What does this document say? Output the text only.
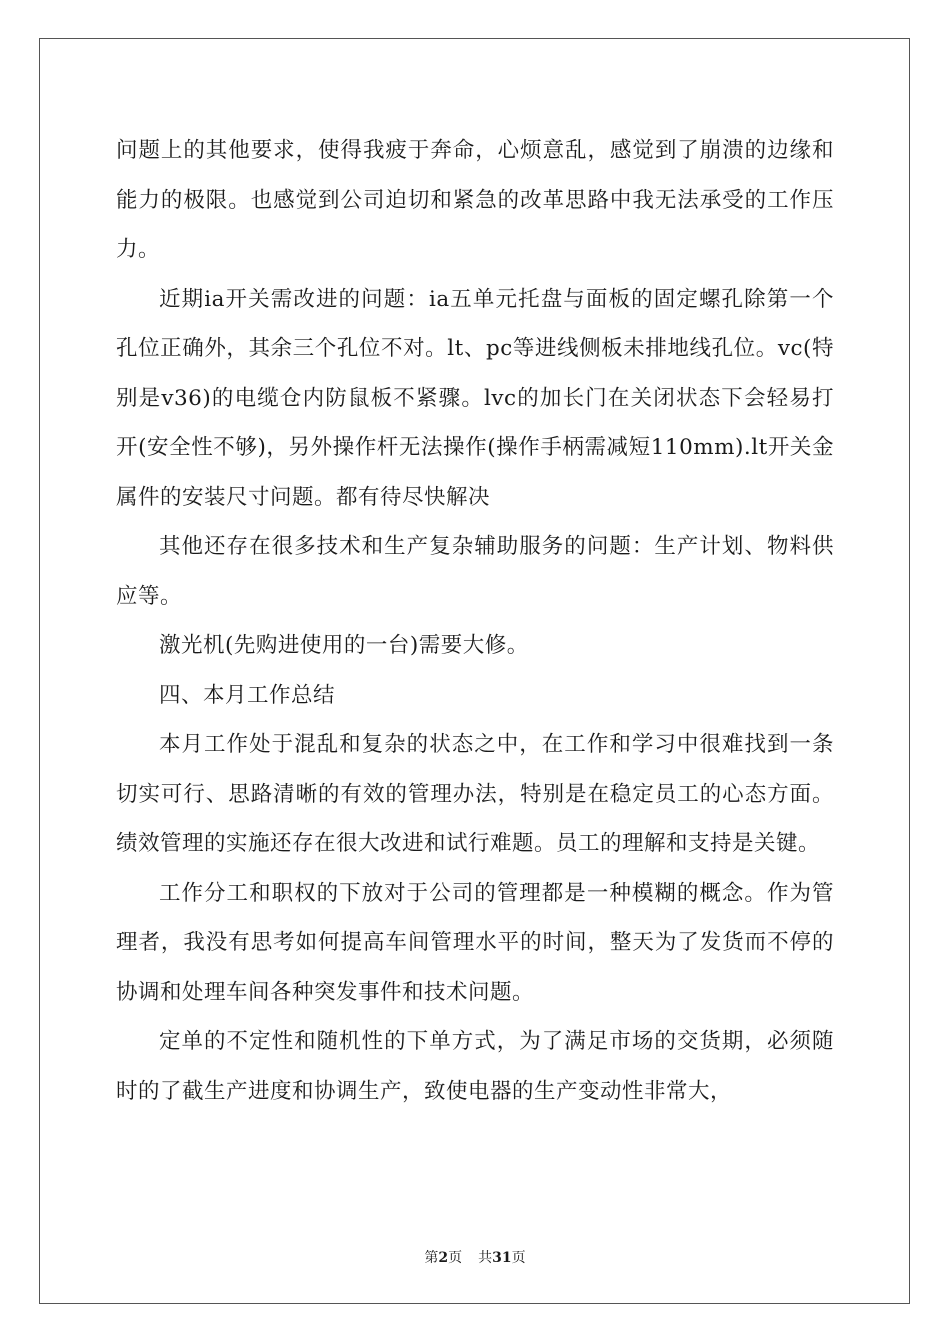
问题上的其他要求，使得我疲于奔命，心烦意乱，感觉到了崩溃的边缘和能力的极限。也感觉到公司迫切和紧急的改革思路中我无法承受的工作压力。

近期ia开关需改进的问题：ia五单元托盘与面板的固定螺孔除第一个孔位正确外，其余三个孔位不对。lt、pc等进线侧板未排地线孔位。vc(特别是v36)的电缆仓内防鼠板不紧骤。lvc的加长门在关闭状态下会轻易打开(安全性不够)，另外操作杆无法操作(操作手柄需减短110mm).lt开关金属件的安装尺寸问题。都有待尽快解决

其他还存在很多技术和生产复杂辅助服务的问题：生产计划、物料供应等。

激光机(先购进使用的一台)需要大修。

四、本月工作总结

本月工作处于混乱和复杂的状态之中，在工作和学习中很难找到一条切实可行、思路清晰的有效的管理办法，特别是在稳定员工的心态方面。绩效管理的实施还存在很大改进和试行难题。员工的理解和支持是关键。

工作分工和职权的下放对于公司的管理都是一种模糊的概念。作为管理者，我没有思考如何提高车间管理水平的时间，整天为了发货而不停的协调和处理车间各种突发事件和技术问题。

定单的不定性和随机性的下单方式，为了满足市场的交货期，必须随时的了截生产进度和协调生产，致使电器的生产变动性非常大，

第2页 共31页
